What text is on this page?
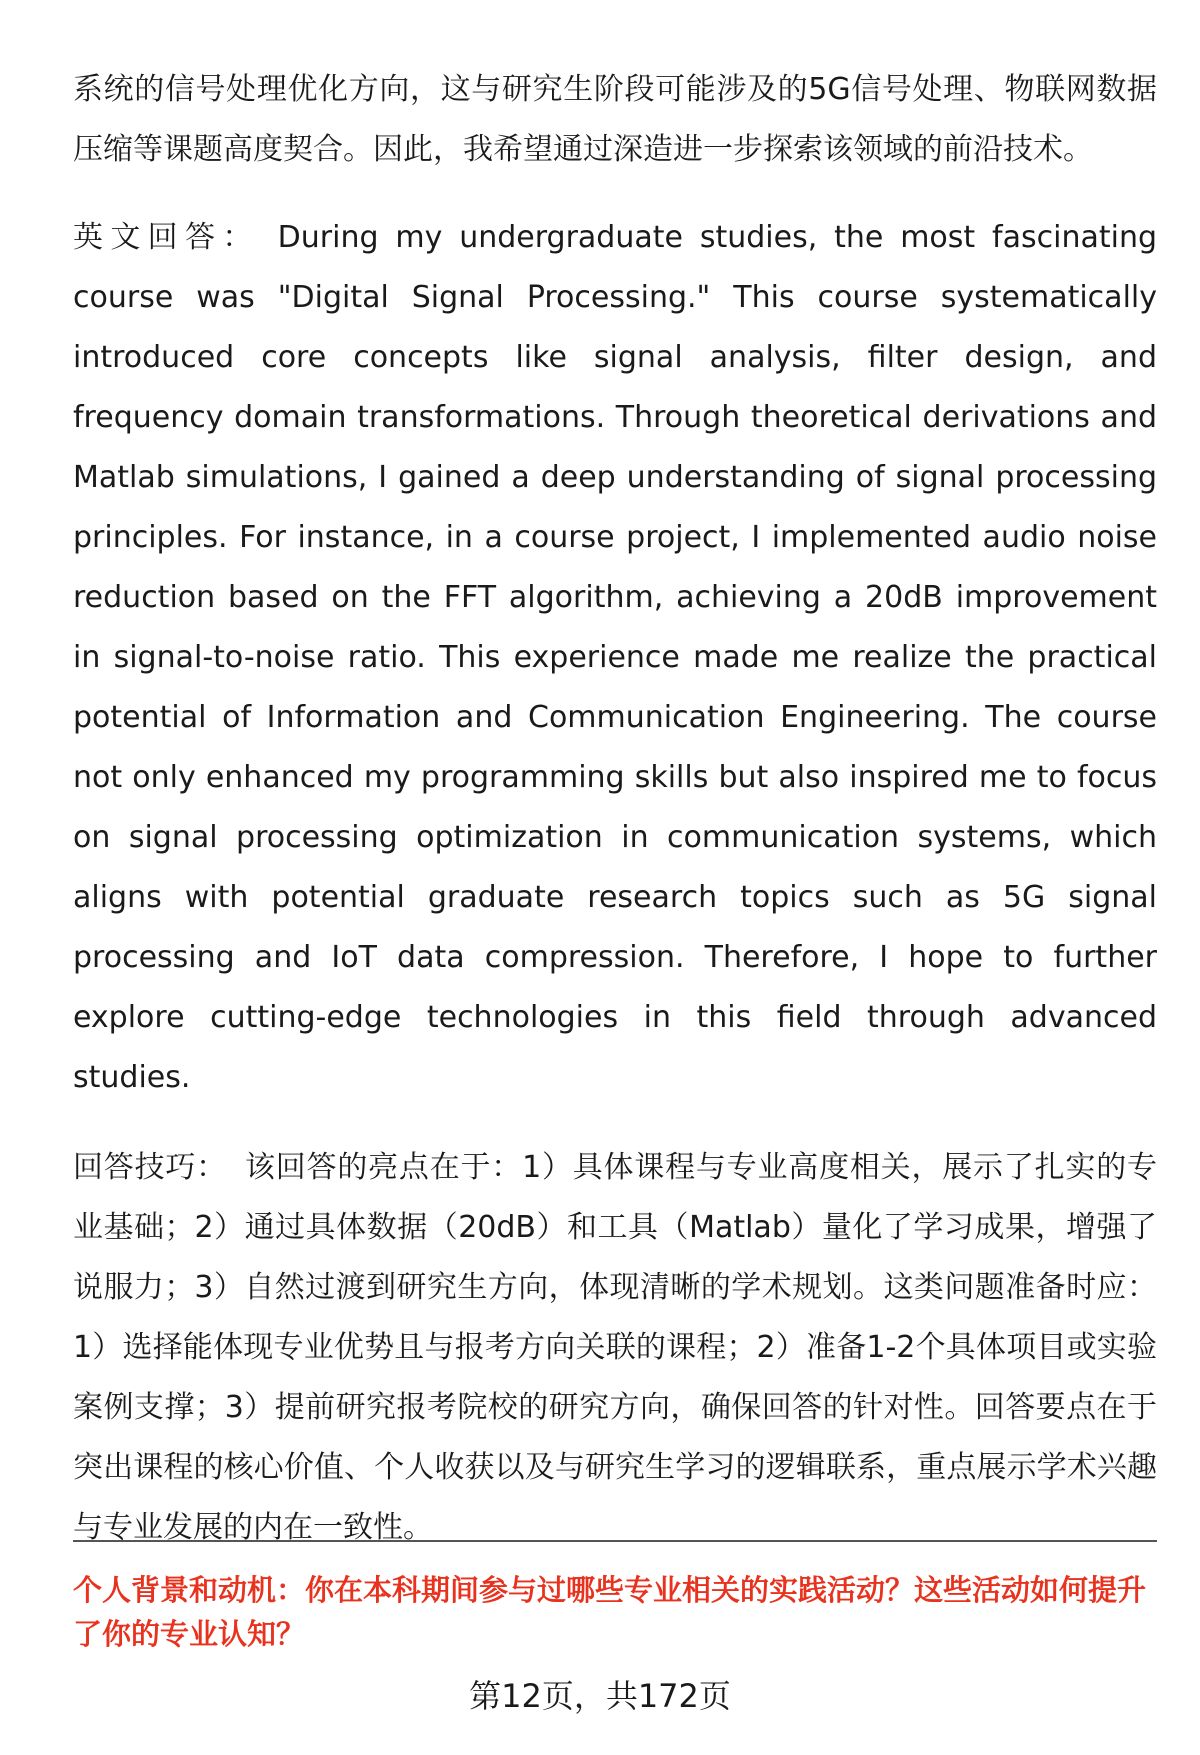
系统的信号处理优化方向，这与研究生阶段可能涉及的5G信号处理、物联网数据压缩等课题高度契合。因此，我希望通过深造进一步探索该领域的前沿技术。

英文回答： During my undergraduate studies, the most fascinating course was "Digital Signal Processing." This course systematically introduced core concepts like signal analysis, filter design, and frequency domain transformations. Through theoretical derivations and Matlab simulations, I gained a deep understanding of signal processing principles. For instance, in a course project, I implemented audio noise reduction based on the FFT algorithm, achieving a 20dB improvement in signal-to-noise ratio. This experience made me realize the practical potential of Information and Communication Engineering. The course not only enhanced my programming skills but also inspired me to focus on signal processing optimization in communication systems, which aligns with potential graduate research topics such as 5G signal processing and IoT data compression. Therefore, I hope to further explore cutting-edge technologies in this field through advanced studies.

回答技巧： 该回答的亮点在于：1）具体课程与专业高度相关，展示了扎实的专业基础；2）通过具体数据（20dB）和工具（Matlab）量化了学习成果，增强了说服力；3）自然过渡到研究生方向，体现清晰的学术规划。这类问题准备时应：1）选择能体现专业优势且与报考方向关联的课程；2）准备1-2个具体项目或实验案例支撑；3）提前研究报考院校的研究方向，确保回答的针对性。回答要点在于突出课程的核心价值、个人收获以及与研究生学习的逻辑联系，重点展示学术兴趣与专业发展的内在一致性。

个人背景和动机：你在本科期间参与过哪些专业相关的实践活动？这些活动如何提升了你的专业认知？

第12页，共172页
